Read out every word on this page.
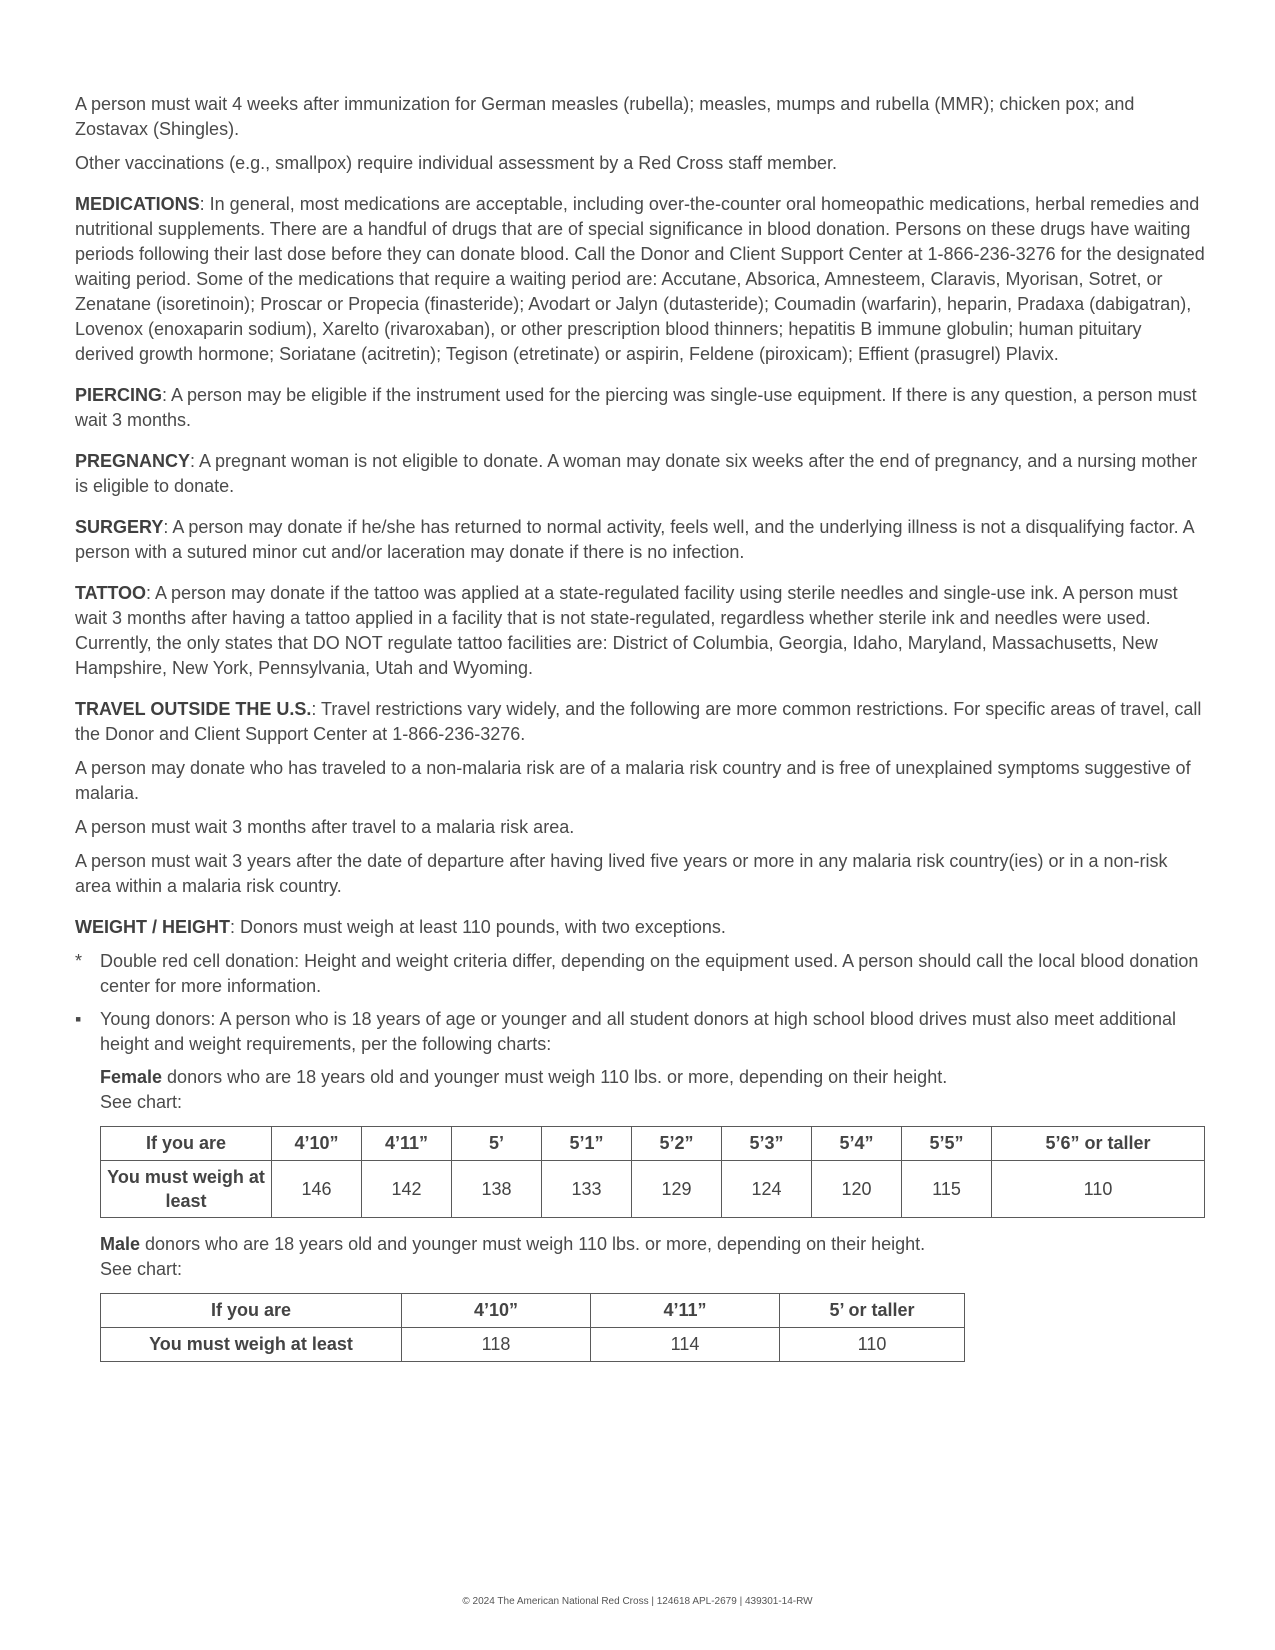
A person must wait 4 weeks after immunization for German measles (rubella); measles, mumps and rubella (MMR); chicken pox; and Zostavax (Shingles).

Other vaccinations (e.g., smallpox) require individual assessment by a Red Cross staff member.

MEDICATIONS: In general, most medications are acceptable, including over-the-counter oral homeopathic medications, herbal remedies and nutritional supplements. There are a handful of drugs that are of special significance in blood donation. Persons on these drugs have waiting periods following their last dose before they can donate blood. Call the Donor and Client Support Center at 1-866-236-3276 for the designated waiting period. Some of the medications that require a waiting period are: Accutane, Absorica, Amnesteem, Claravis, Myorisan, Sotret, or Zenatane (isoretinoin); Proscar or Propecia (finasteride); Avodart or Jalyn (dutasteride); Coumadin (warfarin), heparin, Pradaxa (dabigatran), Lovenox (enoxaparin sodium), Xarelto (rivaroxaban), or other prescription blood thinners; hepatitis B immune globulin; human pituitary derived growth hormone; Soriatane (acitretin); Tegison (etretinate) or aspirin, Feldene (piroxicam); Effient (prasugrel) Plavix.

PIERCING: A person may be eligible if the instrument used for the piercing was single-use equipment. If there is any question, a person must wait 3 months.

PREGNANCY: A pregnant woman is not eligible to donate. A woman may donate six weeks after the end of pregnancy, and a nursing mother is eligible to donate.

SURGERY: A person may donate if he/she has returned to normal activity, feels well, and the underlying illness is not a disqualifying factor. A person with a sutured minor cut and/or laceration may donate if there is no infection.

TATTOO: A person may donate if the tattoo was applied at a state-regulated facility using sterile needles and single-use ink. A person must wait 3 months after having a tattoo applied in a facility that is not state-regulated, regardless whether sterile ink and needles were used. Currently, the only states that DO NOT regulate tattoo facilities are: District of Columbia, Georgia, Idaho, Maryland, Massachusetts, New Hampshire, New York, Pennsylvania, Utah and Wyoming.

TRAVEL OUTSIDE THE U.S.: Travel restrictions vary widely, and the following are more common restrictions. For specific areas of travel, call the Donor and Client Support Center at 1-866-236-3276.

A person may donate who has traveled to a non-malaria risk are of a malaria risk country and is free of unexplained symptoms suggestive of malaria.

A person must wait 3 months after travel to a malaria risk area.

A person must wait 3 years after the date of departure after having lived five years or more in any malaria risk country(ies) or in a non-risk area within a malaria risk country.

WEIGHT / HEIGHT: Donors must weigh at least 110 pounds, with two exceptions.

* Double red cell donation: Height and weight criteria differ, depending on the equipment used. A person should call the local blood donation center for more information.
▪ Young donors: A person who is 18 years of age or younger and all student donors at high school blood drives must also meet additional height and weight requirements, per the following charts:

Female donors who are 18 years old and younger must weigh 110 lbs. or more, depending on their height.
See chart:

If you are	4’10”	4’11”	5’	5’1”	5’2”	5’3”	5’4”	5’5”	5’6” or taller
You must weigh at least	146	142	138	133	129	124	120	115	110

Male donors who are 18 years old and younger must weigh 110 lbs. or more, depending on their height.
See chart:

If you are	4’10”	4’11”	5’ or taller
You must weigh at least	118	114	110
© 2024 The American National Red Cross | 124618 APL-2679 | 439301-14-RW
